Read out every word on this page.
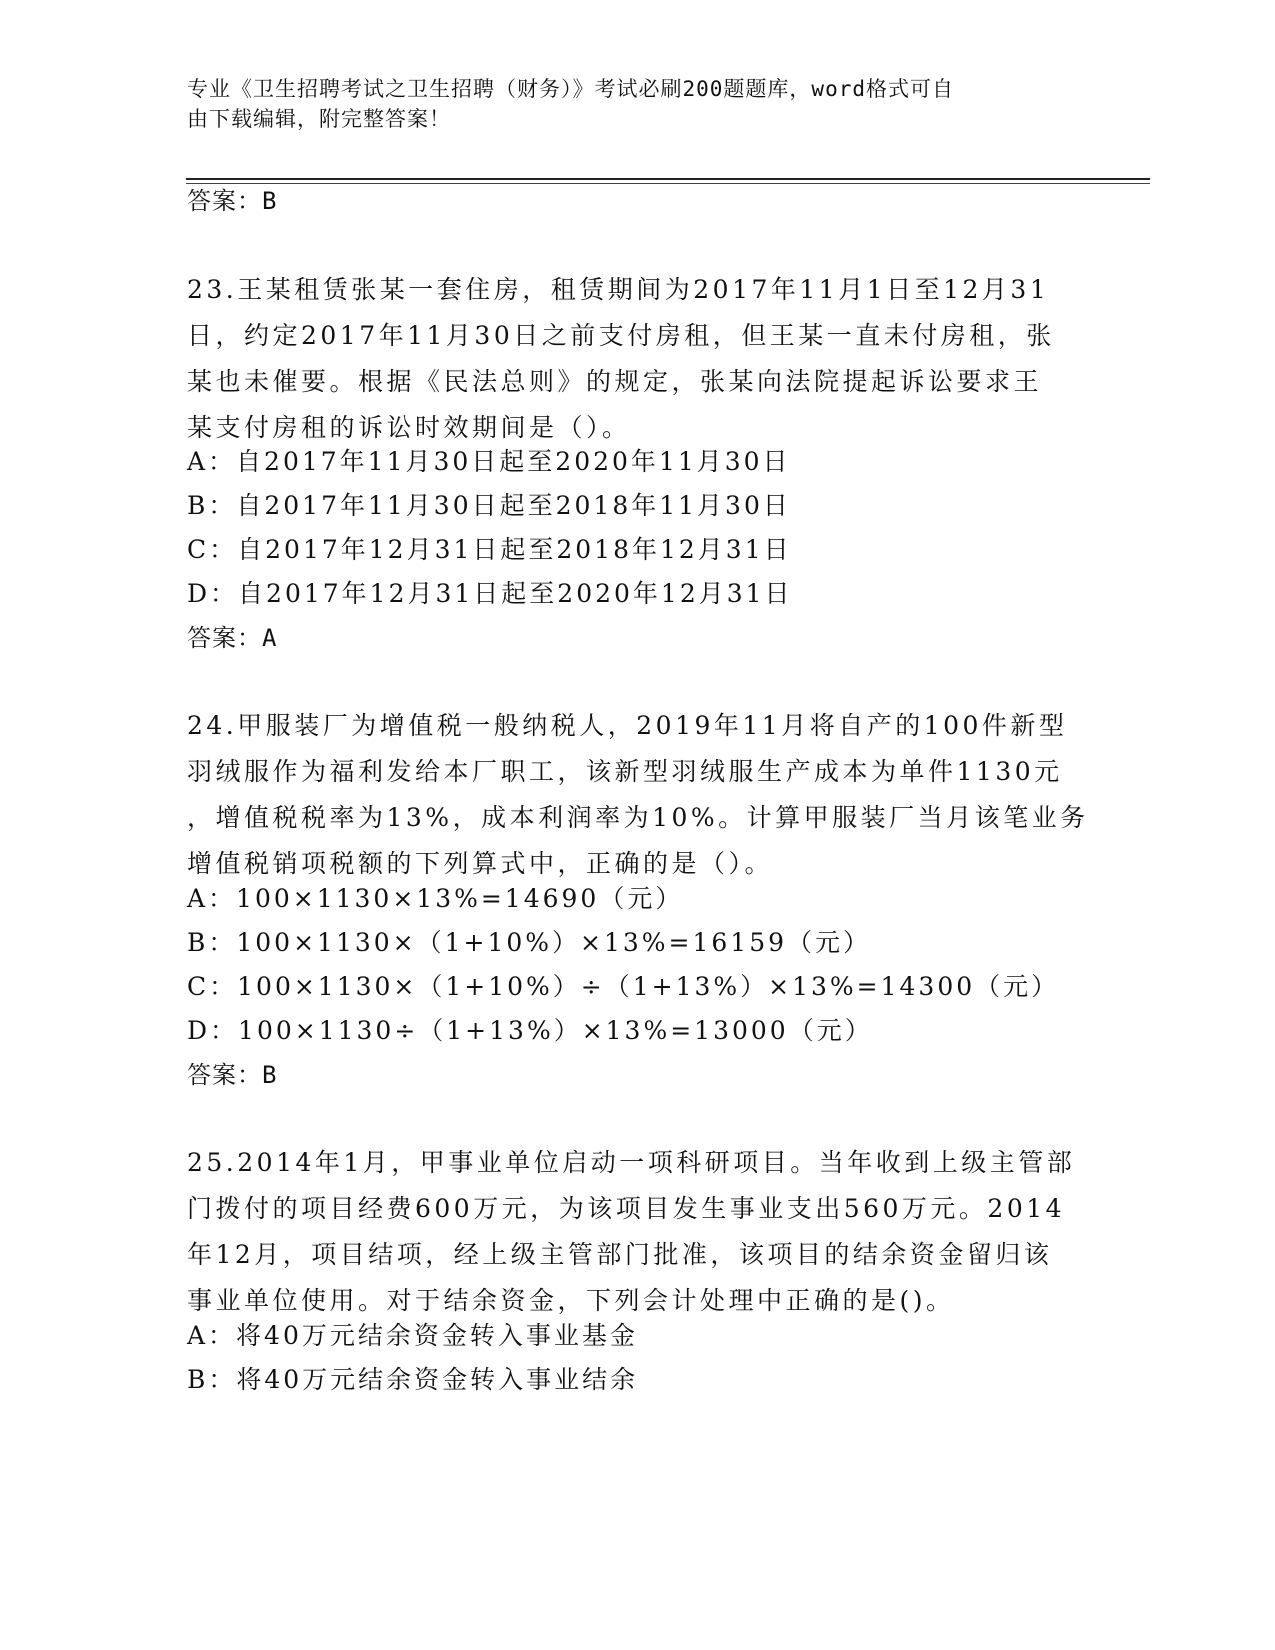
专业《卫生招聘考试之卫生招聘（财务）》考试必刷200题题库，word格式可自
由下载编辑，附完整答案！
答案：B
23.王某租赁张某一套住房，租赁期间为2017年11月1日至12月31
日，约定2017年11月30日之前支付房租，但王某一直未付房租，张
某也未催要。根据《民法总则》的规定，张某向法院提起诉讼要求王
某支付房租的诉讼时效期间是（）。
A：自2017年11月30日起至2020年11月30日
B：自2017年11月30日起至2018年11月30日
C：自2017年12月31日起至2018年12月31日
D：自2017年12月31日起至2020年12月31日
答案：A
24.甲服装厂为增值税一般纳税人，2019年11月将自产的100件新型
羽绒服作为福利发给本厂职工，该新型羽绒服生产成本为单件1130元
，增值税税率为13%，成本利润率为10%。计算甲服装厂当月该笔业务
增值税销项税额的下列算式中，正确的是（）。
A：100×1130×13%=14690（元）
B：100×1130×（1+10%）×13%=16159（元）
C：100×1130×（1+10%）÷（1+13%）×13%=14300（元）
D：100×1130÷（1+13%）×13%=13000（元）
答案：B
25.2014年1月，甲事业单位启动一项科研项目。当年收到上级主管部
门拨付的项目经费600万元，为该项目发生事业支出560万元。2014
年12月，项目结项，经上级主管部门批准，该项目的结余资金留归该
事业单位使用。对于结余资金，下列会计处理中正确的是()。
A：将40万元结余资金转入事业基金
B：将40万元结余资金转入事业结余
